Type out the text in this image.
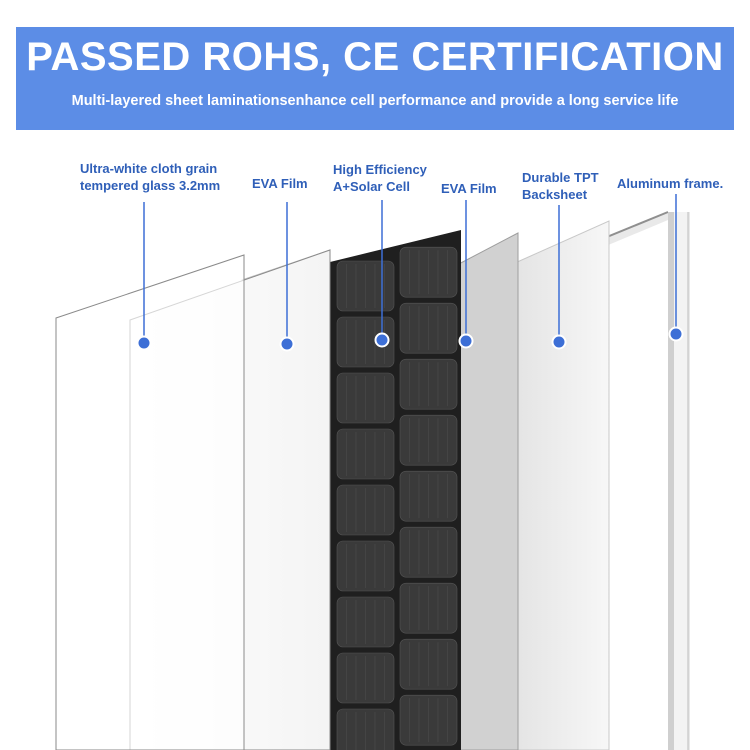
PASSED ROHS, CE CERTIFICATION
Multi-layered sheet laminationsenhance cell performance and provide a long service life
Ultra-white cloth grain
tempered glass 3.2mm EVA Film
High Efficiency
A+Solar Cell	EVA Film
Durable TPT
Backsheet
Aluminum frame.
